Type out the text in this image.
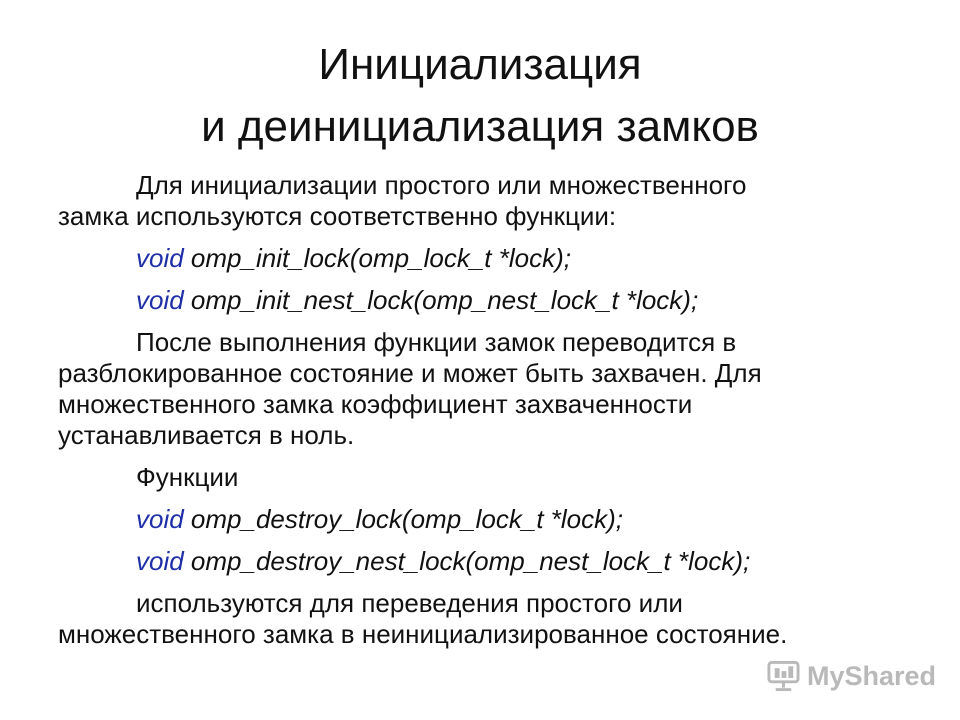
Инициализация
и деинициализация замков
Для инициализации простого или множественного
замка используются соответственно функции:
void omp_init_lock(omp_lock_t *lock);
void omp_init_nest_lock(omp_nest_lock_t *lock);
После выполнения функции замок переводится в
разблокированное состояние и может быть захвачен. Для
множественного замка коэффициент захваченности
устанавливается в ноль.
Функции
void omp_destroy_lock(omp_lock_t *lock);
void omp_destroy_nest_lock(omp_nest_lock_t *lock);
используются для переведения простого или
множественного замка в неинициализированное состояние.
MyShared
